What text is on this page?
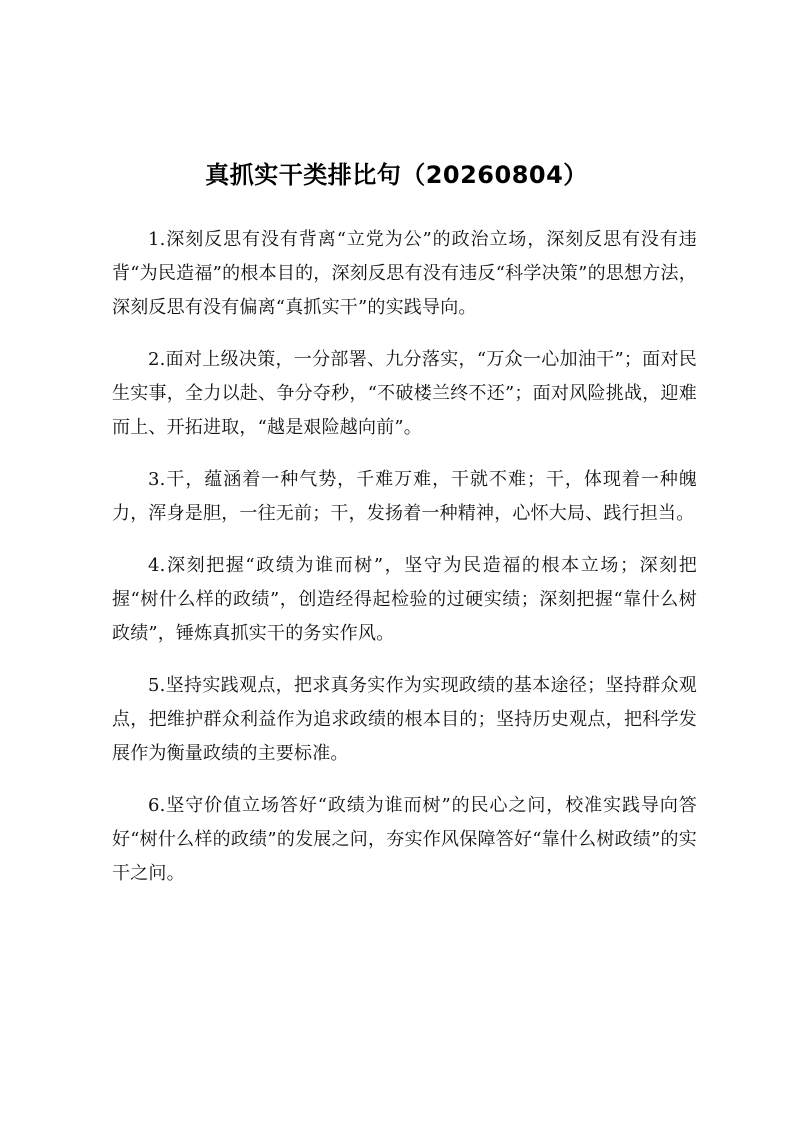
真抓实干类排比句（20260804）

1.深刻反思有没有背离“立党为公”的政治立场，深刻反思有没有违背“为民造福”的根本目的，深刻反思有没有违反“科学决策”的思想方法，深刻反思有没有偏离“真抓实干”的实践导向。

2.面对上级决策，一分部署、九分落实，“万众一心加油干”；面对民生实事，全力以赴、争分夺秒，“不破楼兰终不还”；面对风险挑战，迎难而上、开拓进取，“越是艰险越向前”。

3.干，蕴涵着一种气势，千难万难，干就不难；干，体现着一种魄力，浑身是胆，一往无前；干，发扬着一种精神，心怀大局、践行担当。

4.深刻把握“政绩为谁而树”，坚守为民造福的根本立场；深刻把握“树什么样的政绩”，创造经得起检验的过硬实绩；深刻把握“靠什么树政绩”，锤炼真抓实干的务实作风。

5.坚持实践观点，把求真务实作为实现政绩的基本途径；坚持群众观点，把维护群众利益作为追求政绩的根本目的；坚持历史观点，把科学发展作为衡量政绩的主要标准。

6.坚守价值立场答好“政绩为谁而树”的民心之问，校准实践导向答好“树什么样的政绩”的发展之问，夯实作风保障答好“靠什么树政绩”的实干之问。
